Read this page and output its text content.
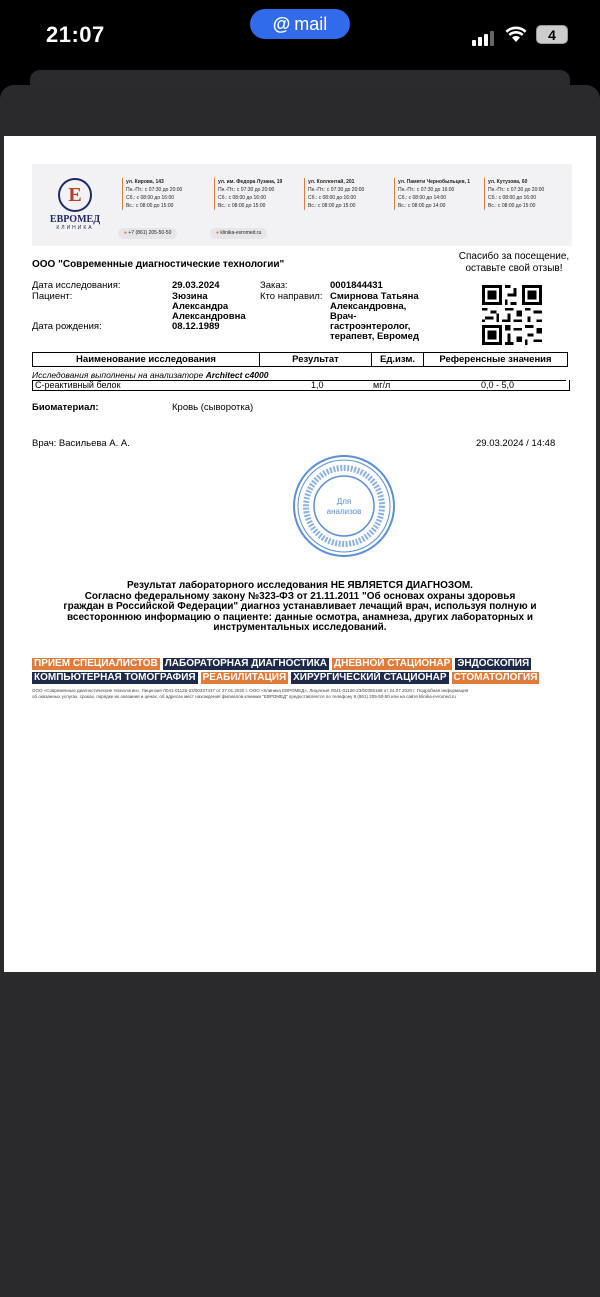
21:07	@ mail
4
Е
ЕВРОМЕД
КЛИНИКА
ул. Кирова, 143
Пн.-Пт.: с 07:30 до 20:00
Сб.: с 08:00 до 16:00
Вс.: с 08:00 до 15:00
ул. им. Федора Лузана, 19
Пн.-Пт.: с 07:30 до 20:00
Сб.: с 08:00 до 16:00
Вс.: с 08:00 до 15:00
ул. Коллонтай, 201
Пн.-Пт.: с 07:30 до 20:00
Сб.: с 08:00 до 16:00
Вс.: с 08:00 до 15:00
ул. Памяти Чернобыльцев, 1
Пн.-Пт.: с 07:30 до 16:00
Сб.: с 08:00 до 14:00
Вс.: с 08:00 до 14:00
ул. Кутузова, 60
Пн.-Пт.: с 07:30 до 20:00
Сб.: с 08:00 до 16:00
Вс.: с 08:00 до 15:00
● +7 (861) 205-50-50	● klinika-evromed.ru
ООО "Современные диагностические технологии"
Спасибо за посещение, оставьте свой отзыв!
Дата исследования:	29.03.2024
Пациент:	Зюзина
Александра
Александровна
Дата рождения:	08.12.1989
Заказ:	0001844431
Кто направил: Смирнова Татьяна
Александровна,
Врач-
гастроэнтеролог,
терапевт, Евромед
Наименование исследования	Результат	Ед.изм.	Референсные значения
Исследования выполнены на анализаторе Architect c4000
С-реактивный белок	1,0	мг/л	0,0 - 5,0
Биоматериал:	Кровь (сыворотка)
Врач: Васильева А. А.	29.03.2024 / 14:48
Для
анализов
Результат лабораторного исследования НЕ ЯВЛЯЕТСЯ ДИАГНОЗОМ.
Согласно федеральному закону №323-ФЗ от 21.11.2011 "Об основах охраны здоровья
граждан в Российской Федерации" диагноз устанавливает лечащий врач, используя полную и
всестороннюю информацию о пациенте: данные осмотра, анамнеза, других лабораторных и
инструментальных исследований.
ПРИЕМ СПЕЦИАЛИСТОВ ЛАБОРАТОРНАЯ ДИАГНОСТИКА ДНЕВНОЙ СТАЦИОНАР ЭНДОСКОПИЯ
КОМПЬЮТЕРНАЯ ТОМОГРАФИЯ РЕАБИЛИТАЦИЯ ХИРУРГИЧЕСКИЙ СТАЦИОНАР СТОМАТОЛОГИЯ
ООО «Современные диагностические технологии», Лицензия Л041-01126-23/00337437 от 27.01.2020 г. ООО «Клиника ЕВРОМЕД», Лицензия Л041-01126-23/00355168 от 24.07.2020 г. Подробная информация
об оказанных услугах, сроках, порядке их оказания и ценах, об адресах мест нахождения филиалов клиники "ЕВРОМЕД" предоставляется по телефону 8 (861) 205-50-50 или на сайте klinika-evromed.ru
